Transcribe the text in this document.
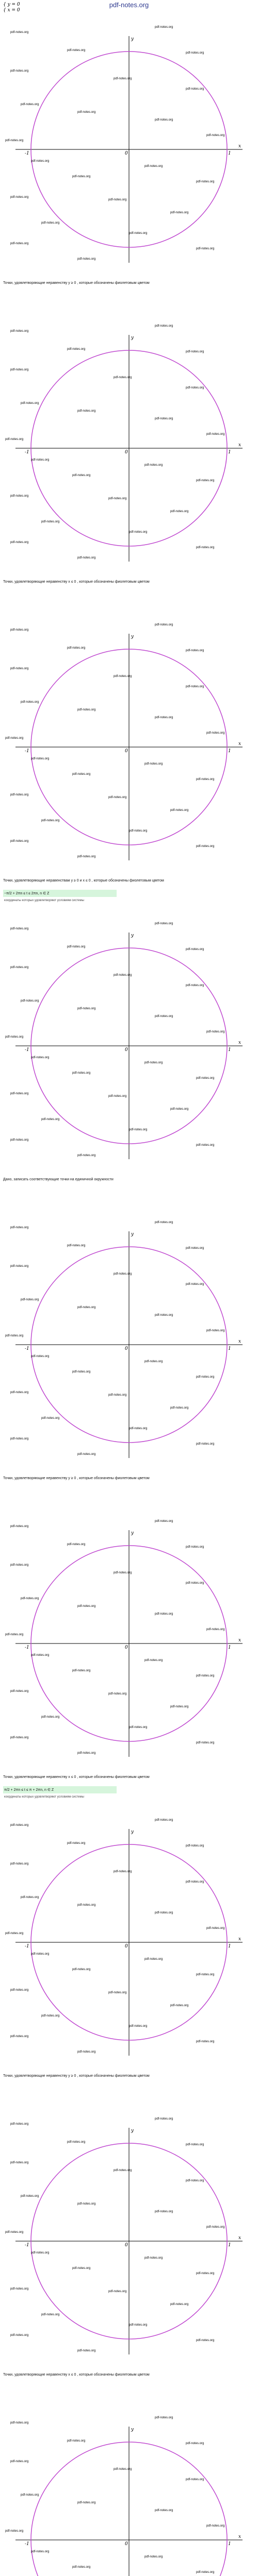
pdf-notes.org
{ y = 0
{ x = 0
x
y
0	1
-1
pdf-notes.org
pdf-notes.org
pdf-notes.org
pdf-notes.org
pdf-notes.org
pdf-notes.org
pdf-notes.org
pdf-notes.org
pdf-notes.org
pdf-notes.org
pdf-notes.org
pdf-notes.org
pdf-notes.org
pdf-notes.org
pdf-notes.org
pdf-notes.org
pdf-notes.org
pdf-notes.org
pdf-notes.org
pdf-notes.org
pdf-notes.org
pdf-notes.org
pdf-notes.org
pdf-notes.org
Точки, удовлетворяющие неравенству y ≥ 0 , которые обозначены фиолетовым цветом
x
y
0	1
-1
pdf-notes.org
pdf-notes.org
pdf-notes.org
pdf-notes.org
pdf-notes.org
pdf-notes.org
pdf-notes.org
pdf-notes.org
pdf-notes.org
pdf-notes.org
pdf-notes.org
pdf-notes.org
pdf-notes.org
pdf-notes.org
pdf-notes.org
pdf-notes.org
pdf-notes.org
pdf-notes.org
pdf-notes.org
pdf-notes.org
pdf-notes.org
pdf-notes.org
pdf-notes.org
pdf-notes.org
Точки, удовлетворяющие неравенству x ≤ 0 , которые обозначены фиолетовым цветом
x
y
0	1
-1
pdf-notes.org
pdf-notes.org
pdf-notes.org
pdf-notes.org
pdf-notes.org
pdf-notes.org
pdf-notes.org
pdf-notes.org
pdf-notes.org
pdf-notes.org
pdf-notes.org
pdf-notes.org
pdf-notes.org
pdf-notes.org
pdf-notes.org
pdf-notes.org
pdf-notes.org
pdf-notes.org
pdf-notes.org
pdf-notes.org
pdf-notes.org
pdf-notes.org
pdf-notes.org
pdf-notes.org
Точки, удовлетворяющие неравенствам y ≥ 0 и x ≤ 0 , которые обозначены фиолетовым цветом
−π/2 + 2πn ≤ t ≤ 2πn, n ∈ Z
координаты которых удовлетворяют условиям системы
x
y
0	1
-1
pdf-notes.org
pdf-notes.org
pdf-notes.org
pdf-notes.org
pdf-notes.org
pdf-notes.org
pdf-notes.org
pdf-notes.org
pdf-notes.org
pdf-notes.org
pdf-notes.org
pdf-notes.org
pdf-notes.org
pdf-notes.org
pdf-notes.org
pdf-notes.org
pdf-notes.org
pdf-notes.org
pdf-notes.org
pdf-notes.org
pdf-notes.org
pdf-notes.org
pdf-notes.org
pdf-notes.org
Дано, записать соответствующие точки на единичной окружности
x
y
0	1
-1
pdf-notes.org
pdf-notes.org
pdf-notes.org
pdf-notes.org
pdf-notes.org
pdf-notes.org
pdf-notes.org
pdf-notes.org
pdf-notes.org
pdf-notes.org
pdf-notes.org
pdf-notes.org
pdf-notes.org
pdf-notes.org
pdf-notes.org
pdf-notes.org
pdf-notes.org
pdf-notes.org
pdf-notes.org
pdf-notes.org
pdf-notes.org
pdf-notes.org
pdf-notes.org
pdf-notes.org
Точки, удовлетворяющие неравенству y ≥ 0 , которые обозначены фиолетовым цветом
x
y
0	1
-1
pdf-notes.org
pdf-notes.org
pdf-notes.org
pdf-notes.org
pdf-notes.org
pdf-notes.org
pdf-notes.org
pdf-notes.org
pdf-notes.org
pdf-notes.org
pdf-notes.org
pdf-notes.org
pdf-notes.org
pdf-notes.org
pdf-notes.org
pdf-notes.org
pdf-notes.org
pdf-notes.org
pdf-notes.org
pdf-notes.org
pdf-notes.org
pdf-notes.org
pdf-notes.org
pdf-notes.org
Точки, удовлетворяющие неравенству x ≤ 0 , которые обозначены фиолетовым цветом
π/2 + 2πn ≤ t ≤ π + 2πn, n ∈ Z
координаты которых удовлетворяют условиям системы
x
y
0	1
-1
pdf-notes.org
pdf-notes.org
pdf-notes.org
pdf-notes.org
pdf-notes.org
pdf-notes.org
pdf-notes.org
pdf-notes.org
pdf-notes.org
pdf-notes.org
pdf-notes.org
pdf-notes.org
pdf-notes.org
pdf-notes.org
pdf-notes.org
pdf-notes.org
pdf-notes.org
pdf-notes.org
pdf-notes.org
pdf-notes.org
pdf-notes.org
pdf-notes.org
pdf-notes.org
pdf-notes.org
Точки, удовлетворяющие неравенству y ≥ 0 , которые обозначены фиолетовым цветом
x
y
0	1
-1
pdf-notes.org
pdf-notes.org
pdf-notes.org
pdf-notes.org
pdf-notes.org
pdf-notes.org
pdf-notes.org
pdf-notes.org
pdf-notes.org
pdf-notes.org
pdf-notes.org
pdf-notes.org
pdf-notes.org
pdf-notes.org
pdf-notes.org
pdf-notes.org
pdf-notes.org
pdf-notes.org
pdf-notes.org
pdf-notes.org
pdf-notes.org
pdf-notes.org
pdf-notes.org
pdf-notes.org
Точки, удовлетворяющие неравенству x ≤ 0 , которые обозначены фиолетовым цветом
x
y
0	1
-1
pdf-notes.org
pdf-notes.org
pdf-notes.org
pdf-notes.org
pdf-notes.org
pdf-notes.org
pdf-notes.org
pdf-notes.org
pdf-notes.org
pdf-notes.org
pdf-notes.org
pdf-notes.org
pdf-notes.org
pdf-notes.org
pdf-notes.org
pdf-notes.org
